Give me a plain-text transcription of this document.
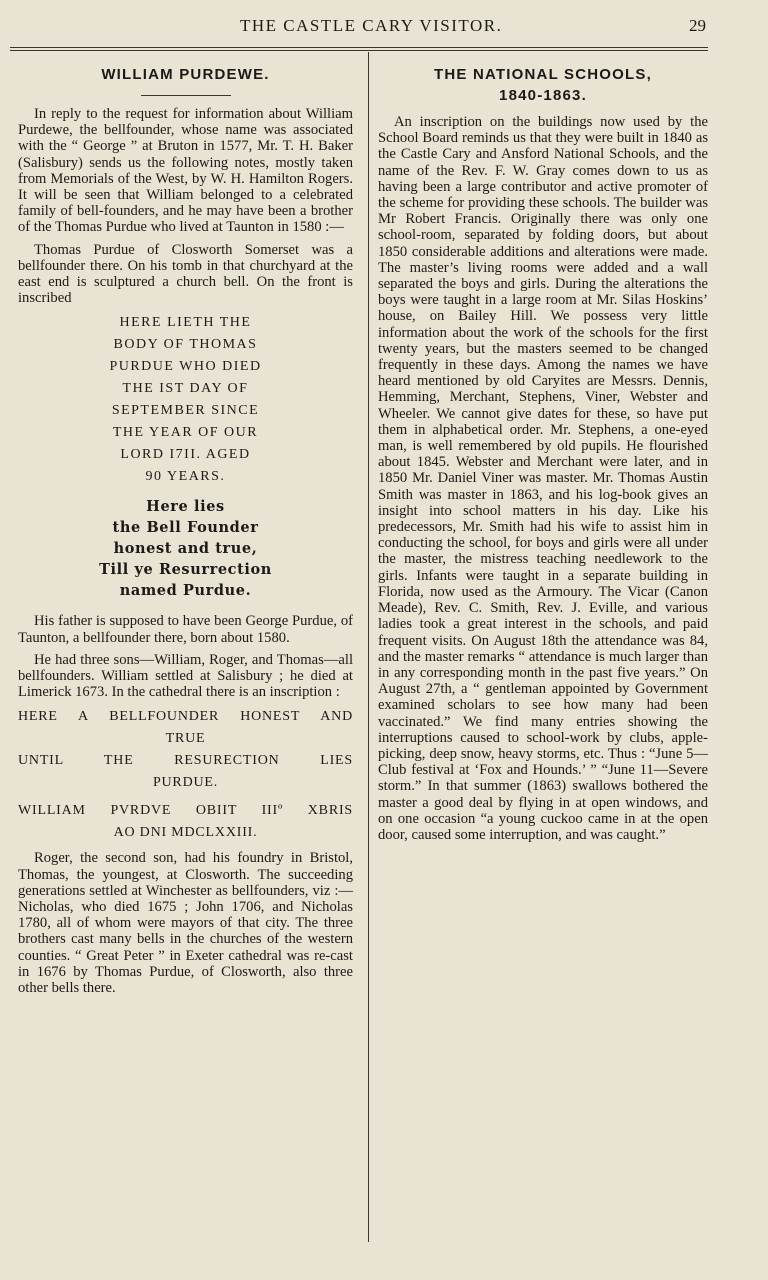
THE CASTLE CARY VISITOR.	29
WILLIAM PURDEWE.

In reply to the request for information about William Purdewe, the bellfounder, whose name was associated with the “ George ” at Bruton in 1577, Mr. T. H. Baker (Salisbury) sends us the following notes, mostly taken from Memorials of the West, by W. H. Hamilton Rogers. It will be seen that William belonged to a celebrated family of bell-founders, and he may have been a brother of the Thomas Purdue who lived at Taunton in 1580 :—

Thomas Purdue of Closworth Somerset was a bellfounder there. On his tomb in that churchyard at the east end is sculptured a church bell. On the front is inscribed

HERE LIETH THE
BODY OF THOMAS
PURDUE WHO DIED
THE IST DAY OF
SEPTEMBER SINCE
THE YEAR OF OUR
LORD I7II. AGED
90 YEARS.
Here lies
the Bell Founder
honest and true,
Till ye Resurrection
named Purdue.

His father is supposed to have been George Purdue, of Taunton, a bellfounder there, born about 1580.

He had three sons—William, Roger, and Thomas—all bellfounders. William settled at Salisbury ; he died at Limerick 1673. In the cathedral there is an inscription :

HERE A BELLFOUNDER HONEST AND
TRUE
UNTIL THE RESURECTION LIES
PURDUE.
WILLIAM PVRDVE OBIIT IIIº XBRIS
AO DNI MDCLXXIII.

Roger, the second son, had his foundry in Bristol, Thomas, the youngest, at Closworth. The succeeding generations settled at Winchester as bellfounders, viz :—Nicholas, who died 1675 ; John 1706, and Nicholas 1780, all of whom were mayors of that city. The three brothers cast many bells in the churches of the western counties. “ Great Peter ” in Exeter cathedral was re-cast in 1676 by Thomas Purdue, of Closworth, also three other bells there.

THE NATIONAL SCHOOLS,
1840-1863.

An inscription on the buildings now used by the School Board reminds us that they were built in 1840 as the Castle Cary and Ansford National Schools, and the name of the Rev. F. W. Gray comes down to us as having been a large contributor and active promoter of the scheme for providing these schools. The builder was Mr Robert Francis. Originally there was only one school-room, separated by folding doors, but about 1850 considerable additions and alterations were made. The master’s living rooms were added and a wall separated the boys and girls. During the alterations the boys were taught in a large room at Mr. Silas Hoskins’ house, on Bailey Hill. We possess very little information about the work of the schools for the first twenty years, but the masters seemed to be changed frequently in these days. Among the names we have heard mentioned by old Caryites are Messrs. Dennis, Hemming, Merchant, Stephens, Viner, Webster and Wheeler. We cannot give dates for these, so have put them in alphabetical order. Mr. Stephens, a one-eyed man, is well remembered by old pupils. He flourished about 1845. Webster and Merchant were later, and in 1850 Mr. Daniel Viner was master. Mr. Thomas Austin Smith was master in 1863, and his log-book gives an insight into school matters in his day. Like his predecessors, Mr. Smith had his wife to assist him in conducting the school, for boys and girls were all under the master, the mistress teaching needlework to the girls. Infants were taught in a separate building in Florida, now used as the Armoury. The Vicar (Canon Meade), Rev. C. Smith, Rev. J. Eville, and various ladies took a great interest in the schools, and paid frequent visits. On August 18th the attendance was 84, and the master remarks “ attendance is much larger than in any corresponding month in the past five years.” On August 27th, a “ gentleman appointed by Government examined scholars to see how many had been vaccinated.” We find many entries showing the interruptions caused to school-work by clubs, apple-picking, deep snow, heavy storms, etc. Thus : “June 5—Club festival at ‘Fox and Hounds.’ ” “June 11—Severe storm.” In that summer (1863) swallows bothered the master a good deal by flying in at open windows, and on one occasion “a young cuckoo came in at the open door, caused some interruption, and was caught.”
